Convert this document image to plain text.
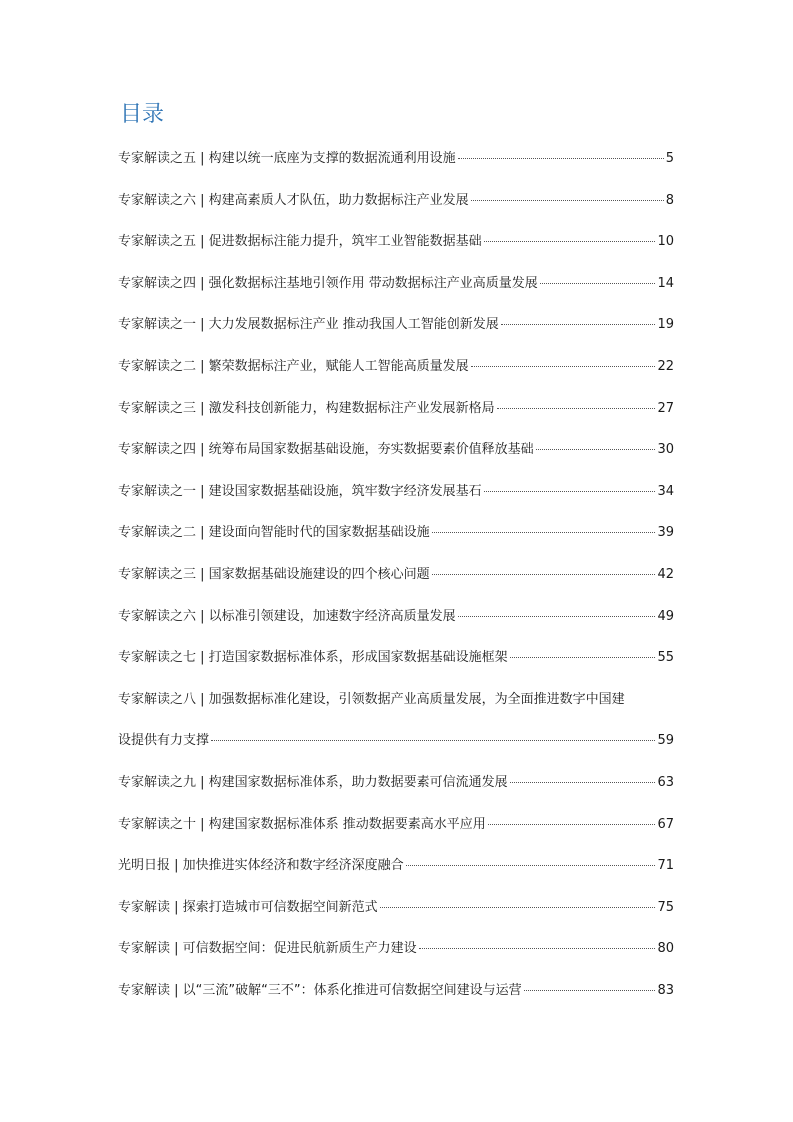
目录
专家解读之五 | 构建以统一底座为支撑的数据流通利用设施	5
专家解读之六 | 构建高素质人才队伍，助力数据标注产业发展	8
专家解读之五 | 促进数据标注能力提升，筑牢工业智能数据基础	10
专家解读之四 | 强化数据标注基地引领作用 带动数据标注产业高质量发展	14
专家解读之一 | 大力发展数据标注产业 推动我国人工智能创新发展	19
专家解读之二 | 繁荣数据标注产业，赋能人工智能高质量发展	22
专家解读之三 | 激发科技创新能力，构建数据标注产业发展新格局	27
专家解读之四 | 统筹布局国家数据基础设施，夯实数据要素价值释放基础	30
专家解读之一 | 建设国家数据基础设施，筑牢数字经济发展基石	34
专家解读之二 | 建设面向智能时代的国家数据基础设施	39
专家解读之三 | 国家数据基础设施建设的四个核心问题	42
专家解读之六 | 以标准引领建设，加速数字经济高质量发展	49
专家解读之七 | 打造国家数据标准体系，形成国家数据基础设施框架	55
专家解读之八 | 加强数据标准化建设，引领数据产业高质量发展，为全面推进数字中国建
设提供有力支撑	59
专家解读之九 | 构建国家数据标准体系，助力数据要素可信流通发展	63
专家解读之十 | 构建国家数据标准体系 推动数据要素高水平应用	67
光明日报 | 加快推进实体经济和数字经济深度融合	71
专家解读 | 探索打造城市可信数据空间新范式	75
专家解读 | 可信数据空间：促进民航新质生产力建设	80
专家解读 | 以“三流”破解“三不”：体系化推进可信数据空间建设与运营	83
